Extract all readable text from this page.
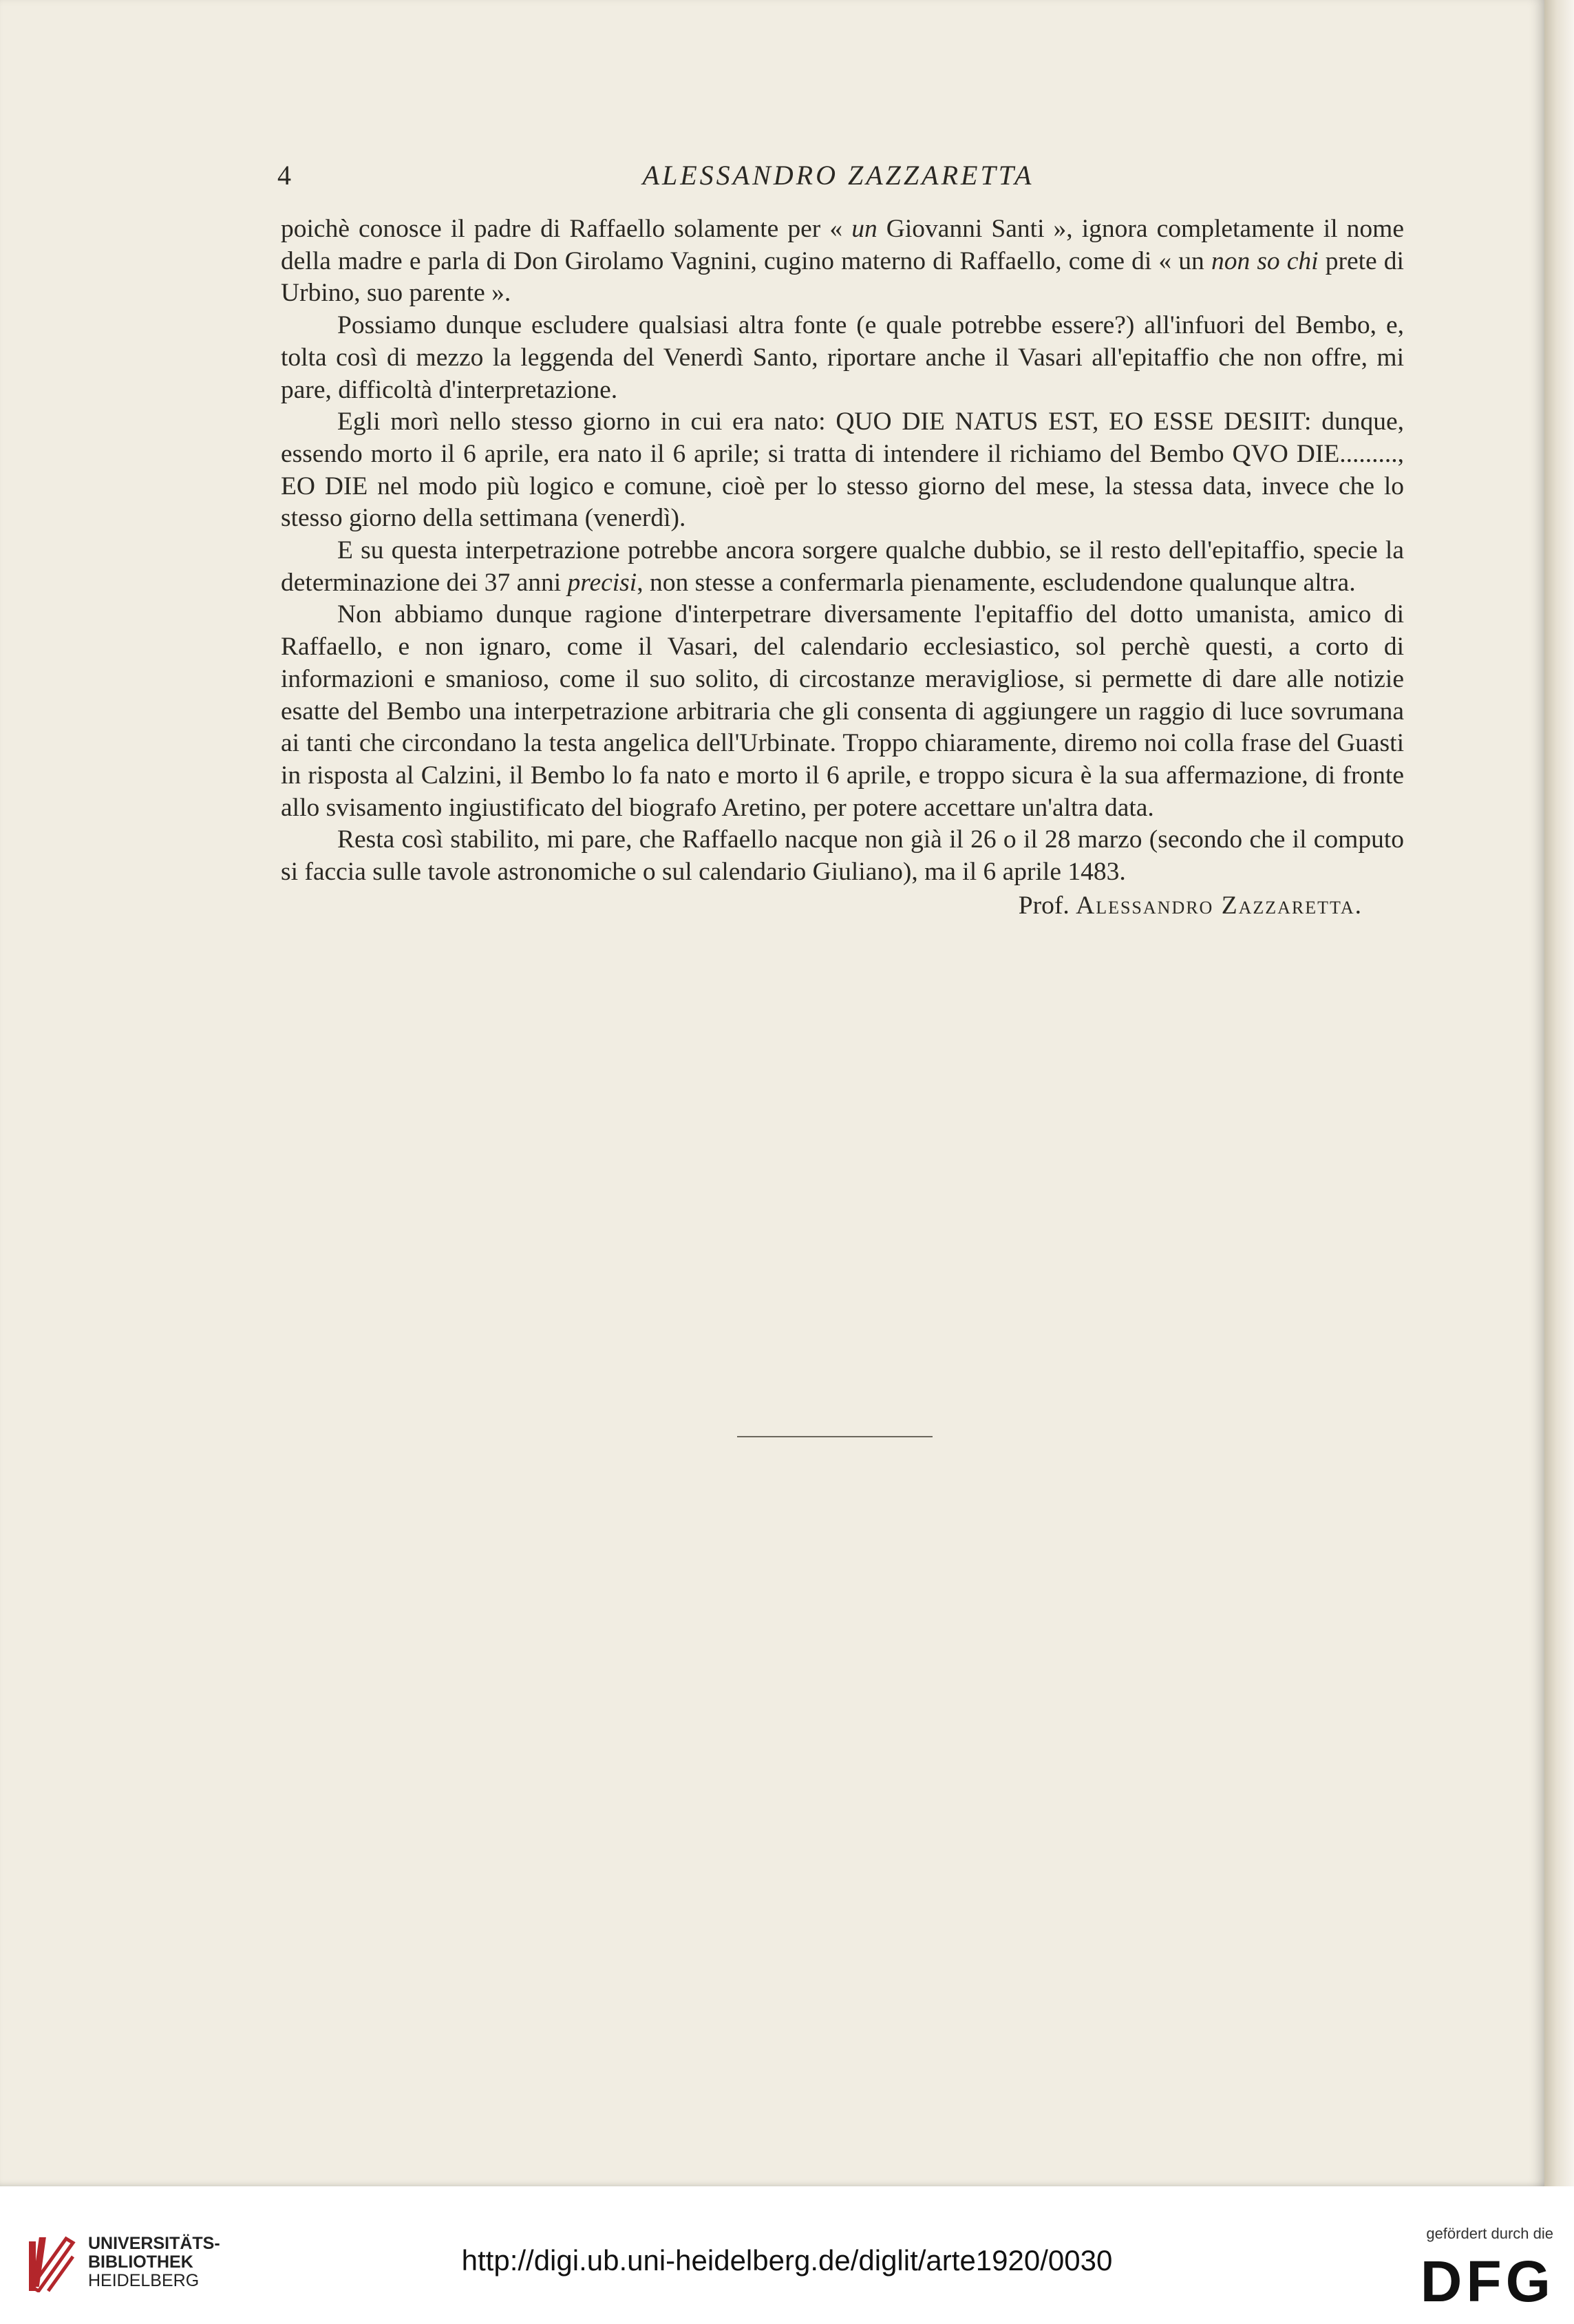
4	ALESSANDRO ZAZZARETTA

poichè conosce il padre di Raffaello solamente per « un Giovanni Santi », ignora completamente il nome della madre e parla di Don Girolamo Vagnini, cugino materno di Raffaello, come di « un non so chi prete di Urbino, suo parente ».

Possiamo dunque escludere qualsiasi altra fonte (e quale potrebbe essere?) all'infuori del Bembo, e, tolta così di mezzo la leggenda del Venerdì Santo, riportare anche il Vasari all'epitaffio che non offre, mi pare, difficoltà d'interpretazione.

Egli morì nello stesso giorno in cui era nato: QUO DIE NATUS EST, EO ESSE DESIIT: dunque, essendo morto il 6 aprile, era nato il 6 aprile; si tratta di intendere il richiamo del Bembo QVO DIE........., EO DIE nel modo più logico e comune, cioè per lo stesso giorno del mese, la stessa data, invece che lo stesso giorno della settimana (venerdì).

E su questa interpetrazione potrebbe ancora sorgere qualche dubbio, se il resto dell'epitaffio, specie la determinazione dei 37 anni precisi, non stesse a confermarla pienamente, escludendone qualunque altra.

Non abbiamo dunque ragione d'interpetrare diversamente l'epitaffio del dotto umanista, amico di Raffaello, e non ignaro, come il Vasari, del calendario ecclesiastico, sol perchè questi, a corto di informazioni e smanioso, come il suo solito, di circostanze meravigliose, si permette di dare alle notizie esatte del Bembo una interpetrazione arbitraria che gli consenta di aggiungere un raggio di luce sovrumana ai tanti che circondano la testa angelica dell'Urbinate. Troppo chiaramente, diremo noi colla frase del Guasti in risposta al Calzini, il Bembo lo fa nato e morto il 6 aprile, e troppo sicura è la sua affermazione, di fronte allo svisamento ingiustificato del biografo Aretino, per potere accettare un'altra data.

Resta così stabilito, mi pare, che Raffaello nacque non già il 26 o il 28 marzo (secondo che il computo si faccia sulle tavole astronomiche o sul calendario Giuliano), ma il 6 aprile 1483.

Prof. Alessandro Zazzaretta.
UNIVERSITÄTS-
BIBLIOTHEK
HEIDELBERG
http://digi.ub.uni-heidelberg.de/diglit/arte1920/0030
gefördert durch die
DFG
